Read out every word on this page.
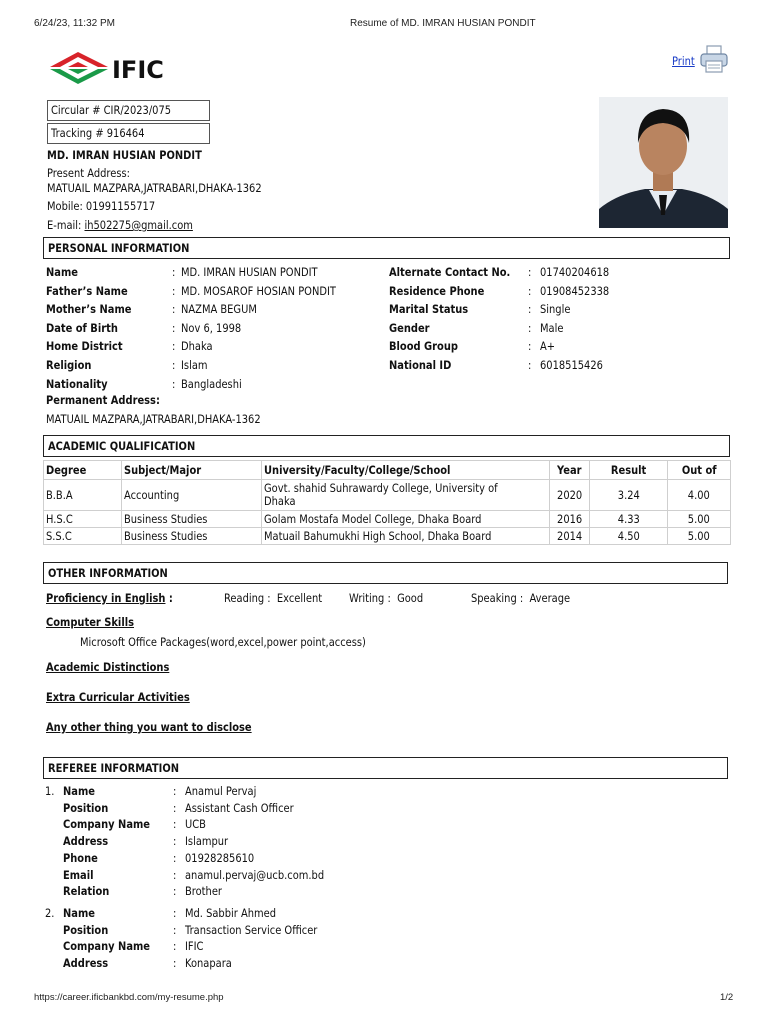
6/24/23, 11:32 PM	Resume of MD. IMRAN HUSIAN PONDIT
IFIC	Print
Circular # CIR/2023/075
Tracking # 916464
MD. IMRAN HUSIAN PONDIT
Present Address:
MATUAIL MAZPARA,JATRABARI,DHAKA-1362
Mobile: 01991155717
E-mail: ih502275@gmail.com
PERSONAL INFORMATION
Name	: MD. IMRAN HUSIAN PONDIT
Father’s Name	: MD. MOSAROF HOSIAN PONDIT
Mother’s Name	: NAZMA BEGUM
Date of Birth	: Nov 6, 1998
Home District	: Dhaka
Religion	: Islam
Nationality	: Bangladeshi
Alternate Contact No. : 01740204618
Residence Phone	: 01908452338
Marital Status	: Single
Gender	: Male
Blood Group	: A+
National ID	: 6018515426
Permanent Address:
MATUAIL MAZPARA,JATRABARI,DHAKA-1362
ACADEMIC QUALIFICATION
Degree	Subject/Major	University/Faculty/College/School	Year	Result	Out of
B.B.A	Accounting	Govt. shahid Suhrawardy College, University of Dhaka	2020	3.24	4.00
H.S.C	Business Studies	Golam Mostafa Model College, Dhaka Board	2016	4.33	5.00
S.S.C	Business Studies	Matuail Bahumukhi High School, Dhaka Board	2014	4.50	5.00
OTHER INFORMATION
Proficiency in English :	Reading : Excellent Writing : Good	Speaking : Average
Computer Skills
Microsoft Office Packages(word,excel,power point,access)
Academic Distinctions
Extra Curricular Activities
Any other thing you want to disclose
REFEREE INFORMATION
1. Name	: Anamul Pervaj
Position	: Assistant Cash Officer
Company Name : UCB
Address	: Islampur
Phone	: 01928285610
Email	: anamul.pervaj@ucb.com.bd
Relation	: Brother
2. Name	: Md. Sabbir Ahmed
Position	: Transaction Service Officer
Company Name : IFIC
Address	: Konapara
https://career.ificbankbd.com/my-resume.php	1/2
